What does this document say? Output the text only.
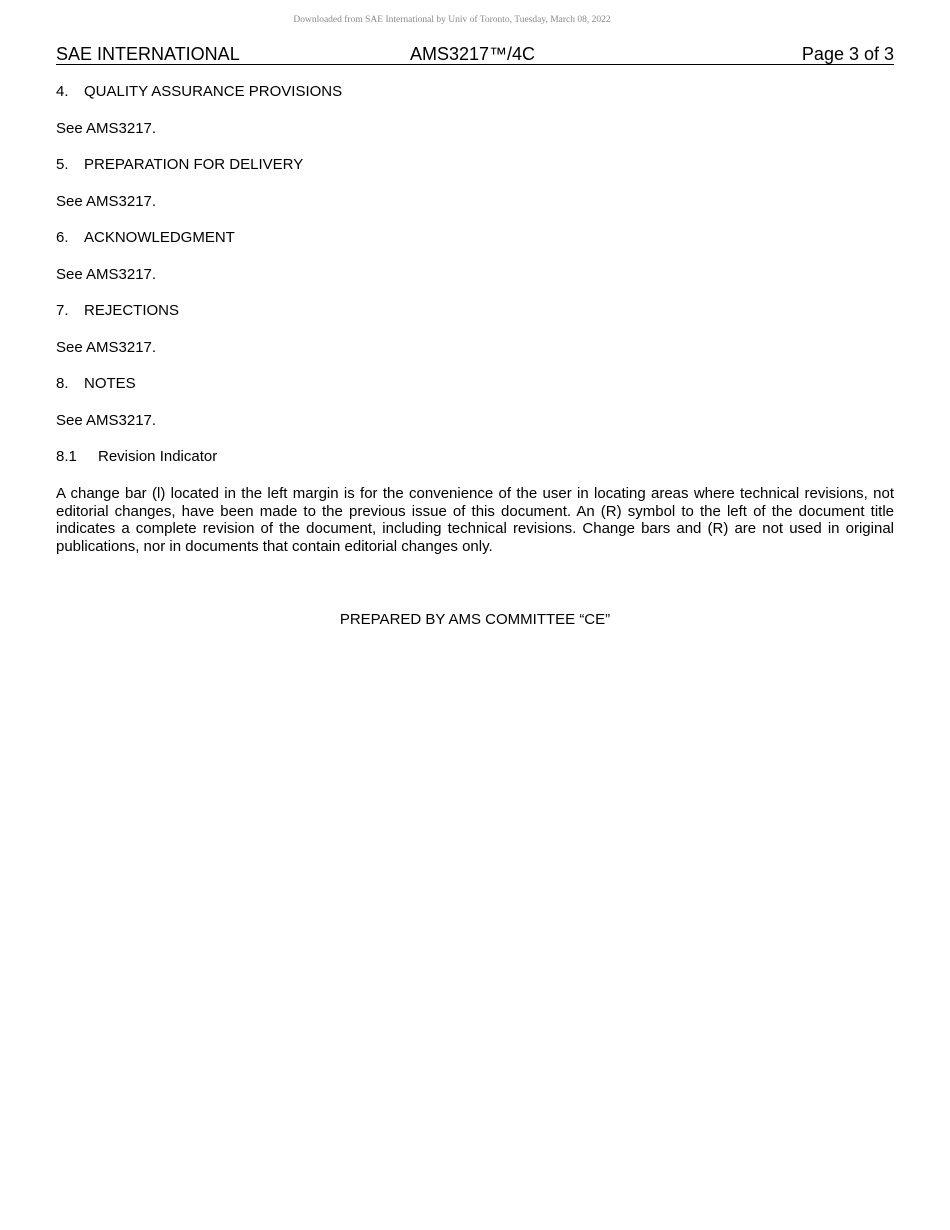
Downloaded from SAE International by Univ of Toronto, Tuesday, March 08, 2022
SAE INTERNATIONAL	AMS3217™/4C	Page 3 of 3
4. QUALITY ASSURANCE PROVISIONS
See AMS3217.
5. PREPARATION FOR DELIVERY
See AMS3217.
6. ACKNOWLEDGMENT
See AMS3217.
7. REJECTIONS
See AMS3217.
8. NOTES
See AMS3217.
8.1 Revision Indicator
A change bar (l) located in the left margin is for the convenience of the user in locating areas where technical revisions, not editorial changes, have been made to the previous issue of this document. An (R) symbol to the left of the document title indicates a complete revision of the document, including technical revisions. Change bars and (R) are not used in original publications, nor in documents that contain editorial changes only.
PREPARED BY AMS COMMITTEE “CE”
